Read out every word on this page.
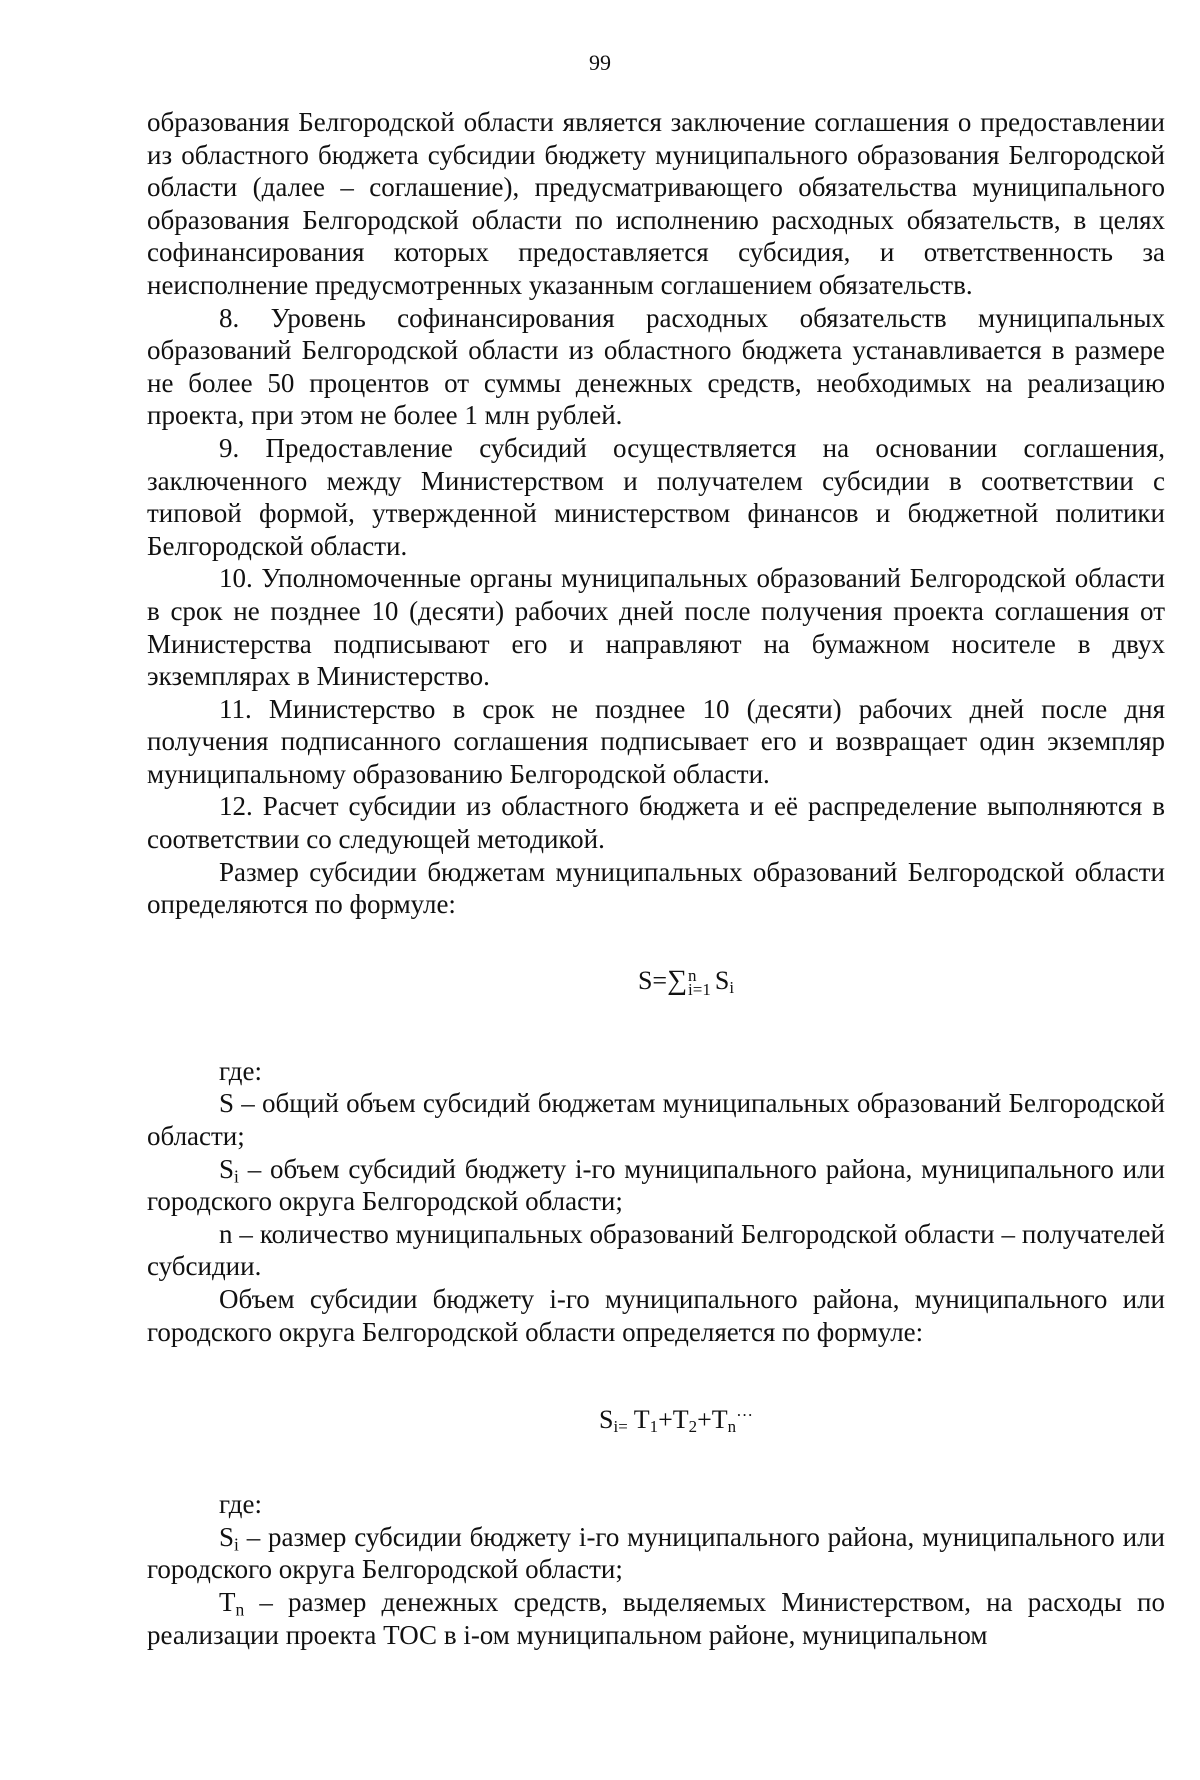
99

образования Белгородской области является заключение соглашения о предоставлении из областного бюджета субсидии бюджету муниципального образования Белгородской области (далее – соглашение), предусматривающего обязательства муниципального образования Белгородской области по исполнению расходных обязательств, в целях софинансирования которых предоставляется субсидия, и ответственность за неисполнение предусмотренных указанным соглашением обязательств.

8. Уровень софинансирования расходных обязательств муниципальных образований Белгородской области из областного бюджета устанавливается в размере не более 50 процентов от суммы денежных средств, необходимых на реализацию проекта, при этом не более 1 млн рублей.

9. Предоставление субсидий осуществляется на основании соглашения, заключенного между Министерством и получателем субсидии в соответствии с типовой формой, утвержденной министерством финансов и бюджетной политики Белгородской области.

10. Уполномоченные органы муниципальных образований Белгородской области в срок не позднее 10 (десяти) рабочих дней после получения проекта соглашения от Министерства подписывают его и направляют на бумажном носителе в двух экземплярах в Министерство.

11. Министерство в срок не позднее 10 (десяти) рабочих дней после дня получения подписанного соглашения подписывает его и возвращает один экземпляр муниципальному образованию Белгородской области.

12. Расчет субсидии из областного бюджета и её распределение выполняются в соответствии со следующей методикой.

Размер субсидии бюджетам муниципальных образований Белгородской области определяются по формуле:

S=∑ n
i=1 $S_i$

где:

S – общий объем субсидий бюджетам муниципальных образований Белгородской области;

$S_i$ – объем субсидий бюджету i-го муниципального района, муниципального или городского округа Белгородской области;

n – количество муниципальных образований Белгородской области – получателей субсидии.

Объем субсидии бюджету i-го муниципального района, муниципального или городского округа Белгородской области определяется по формуле:

$S_{i=}$ $T_1+T_2+T_n^{\cdot\cdot\cdot}$

где:

$S_i$ – размер субсидии бюджету i-го муниципального района, муниципального или городского округа Белгородской области;

$T_n$ – размер денежных средств, выделяемых Министерством, на расходы по реализации проекта ТОС в i-ом муниципальном районе, муниципальном
